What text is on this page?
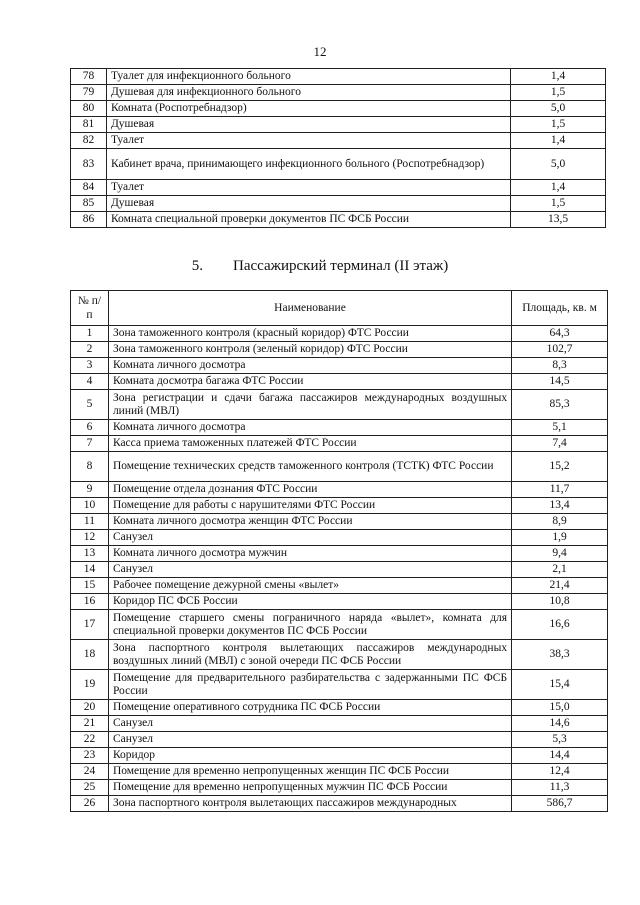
12
78	Туалет для инфекционного больного	1,4
79	Душевая для инфекционного больного	1,5
80	Комната (Роспотребнадзор)	5,0
81	Душевая	1,5
82	Туалет	1,4
83	Кабинет врача, принимающего инфекционного больного (Роспотребнадзор)	5,0
84	Туалет	1,4
85	Душевая	1,5
86	Комната специальной проверки документов ПС ФСБ России	13,5
5. Пассажирский терминал (II этаж)
№ п/п	Наименование	Площадь, кв. м
1	Зона таможенного контроля (красный коридор) ФТС России	64,3
2	Зона таможенного контроля (зеленый коридор) ФТС России	102,7
3	Комната личного досмотра	8,3
4	Комната досмотра багажа ФТС России	14,5
5	Зона регистрации и сдачи багажа пассажиров международных воздушных линий (МВЛ)	85,3
6	Комната личного досмотра	5,1
7	Касса приема таможенных платежей ФТС России	7,4
8	Помещение технических средств таможенного контроля (ТСТК) ФТС России	15,2
9	Помещение отдела дознания ФТС России	11,7
10	Помещение для работы с нарушителями ФТС России	13,4
11	Комната личного досмотра женщин ФТС России	8,9
12	Санузел	1,9
13	Комната личного досмотра мужчин	9,4
14	Санузел	2,1
15	Рабочее помещение дежурной смены «вылет»	21,4
16	Коридор ПС ФСБ России	10,8
17	Помещение старшего смены пограничного наряда «вылет», комната для специальной проверки документов ПС ФСБ России	16,6
18	Зона паспортного контроля вылетающих пассажиров международных воздушных линий (МВЛ) с зоной очереди ПС ФСБ России	38,3
19	Помещение для предварительного разбирательства с задержанными ПС ФСБ России	15,4
20	Помещение оперативного сотрудника ПС ФСБ России	15,0
21	Санузел	14,6
22	Санузел	5,3
23	Коридор	14,4
24	Помещение для временно непропущенных женщин ПС ФСБ России	12,4
25	Помещение для временно непропущенных мужчин ПС ФСБ России	11,3
26	Зона паспортного контроля вылетающих пассажиров международных	586,7
